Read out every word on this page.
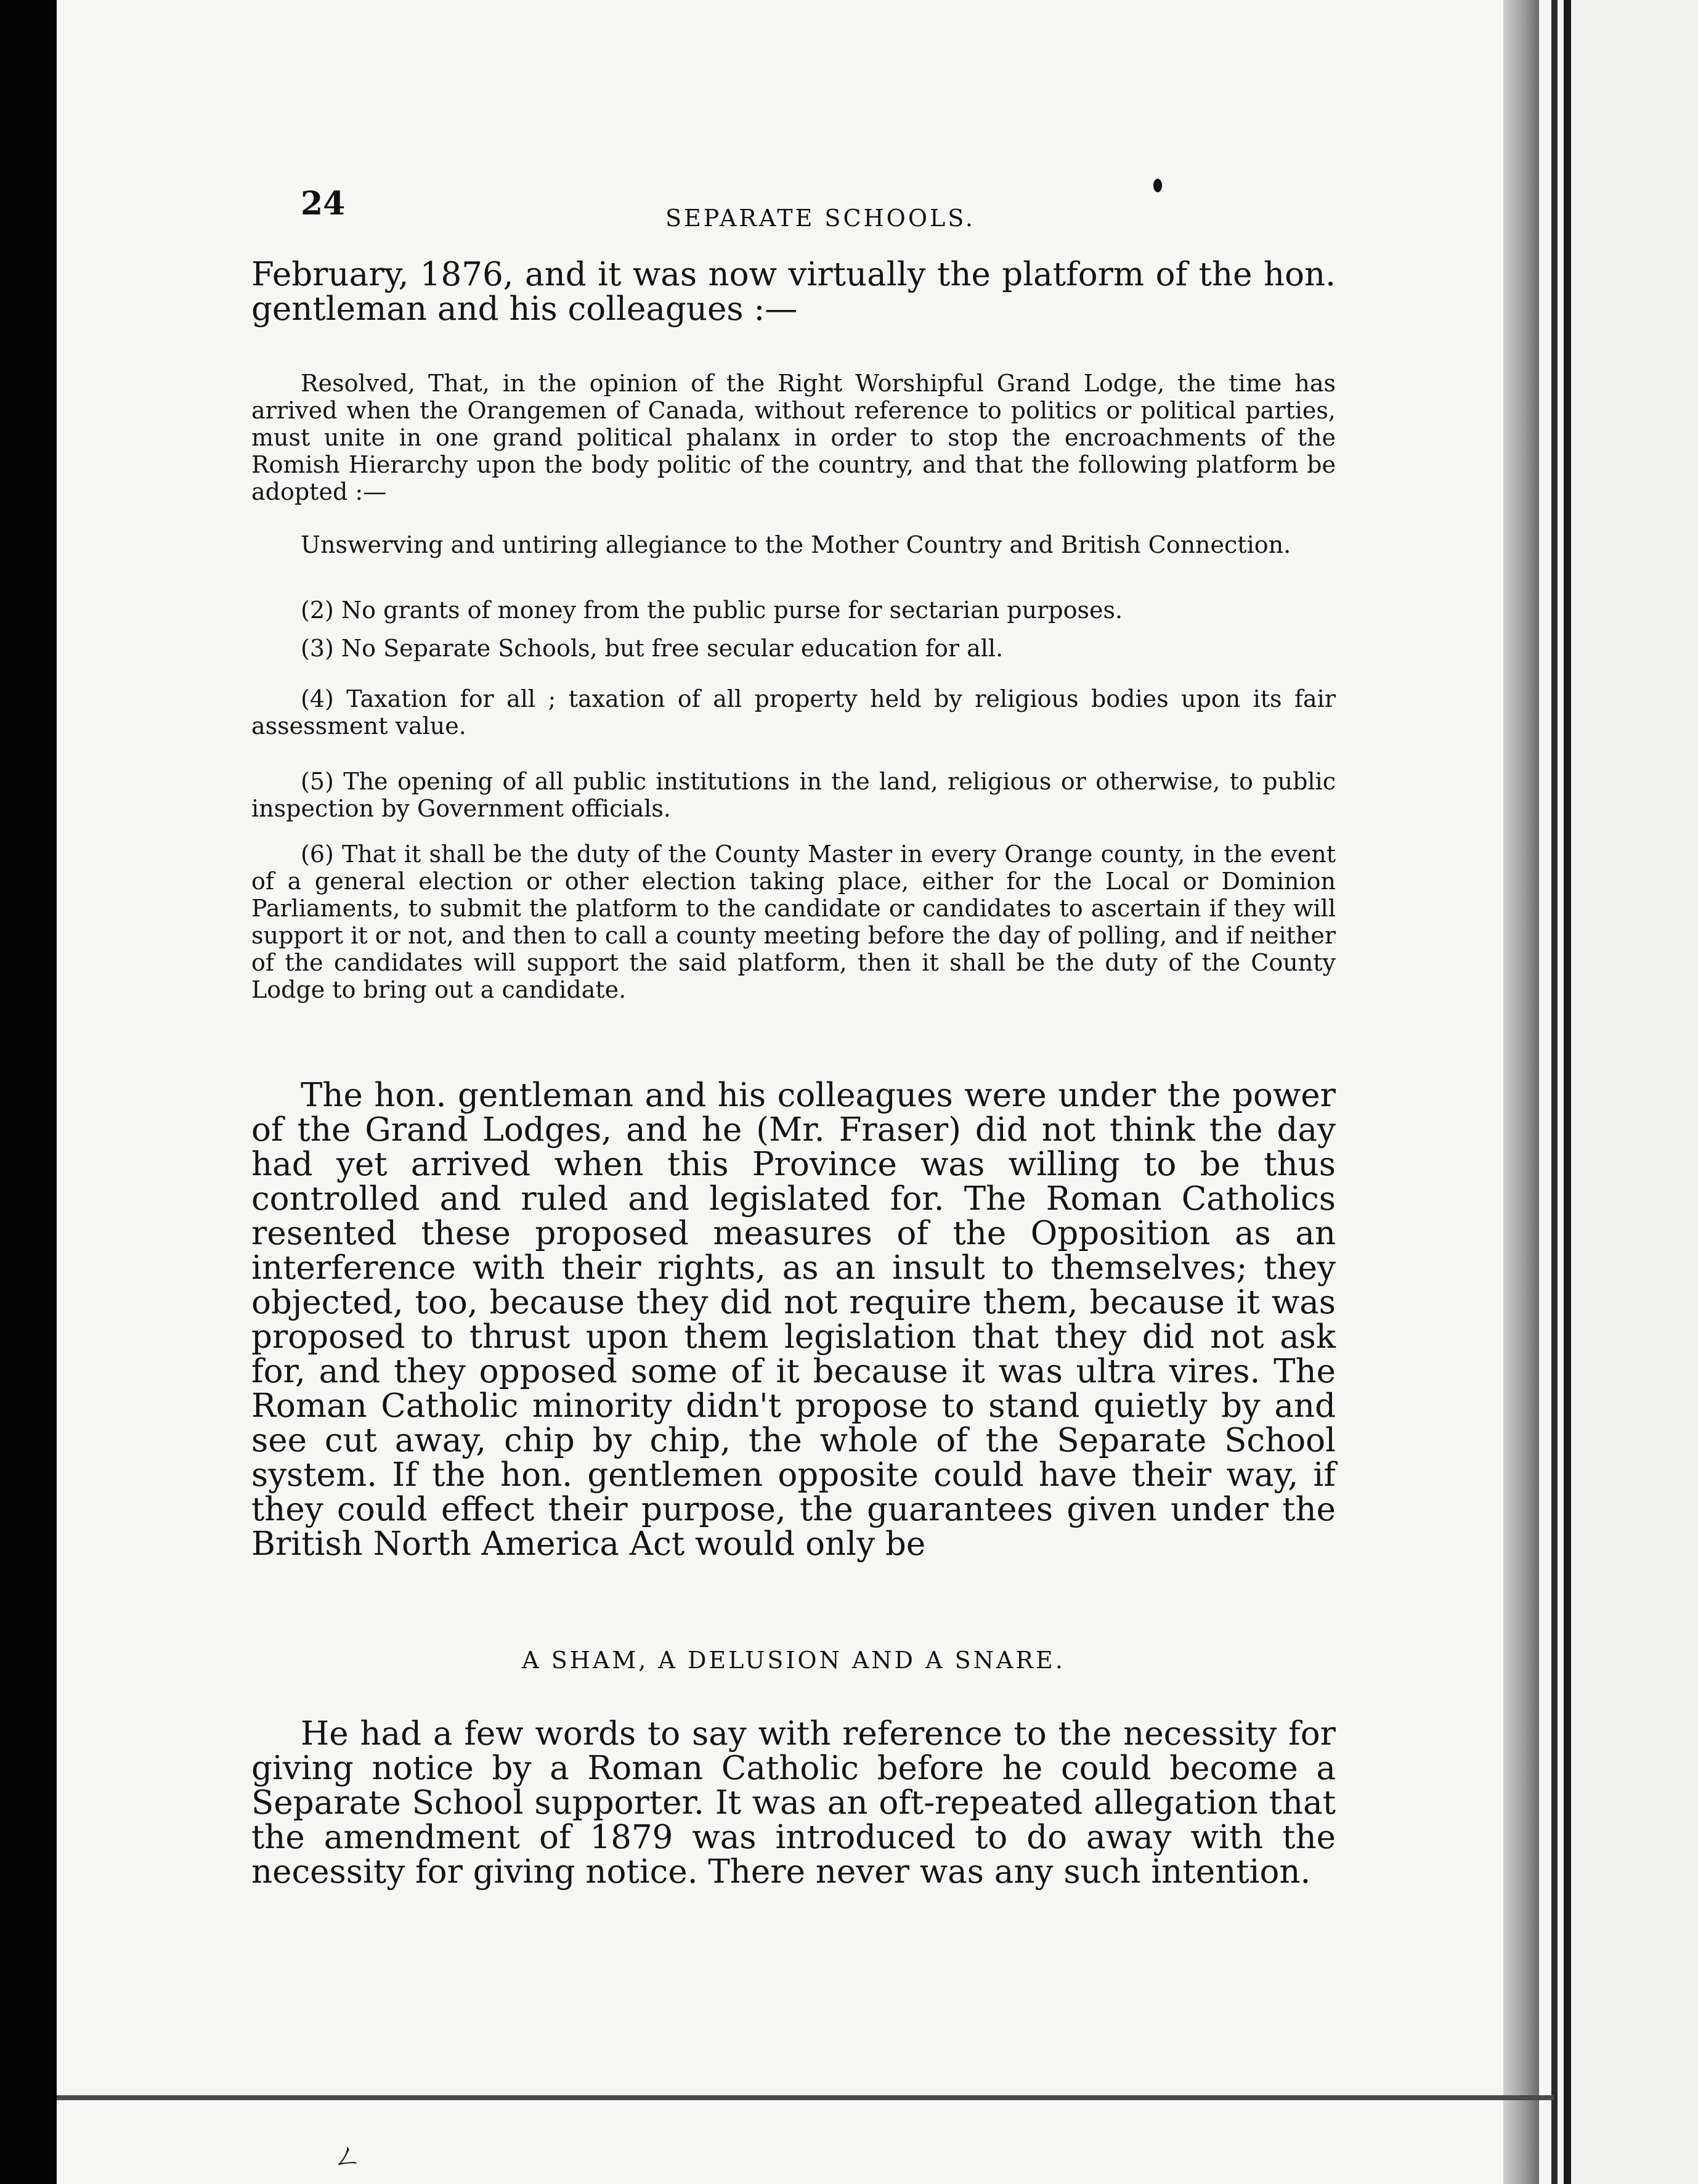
24	SEPARATE SCHOOLS.

February, 1876, and it was now virtually the platform of the hon. gentleman and his colleagues :—

Resolved, That, in the opinion of the Right Worshipful Grand Lodge, the time has arrived when the Orangemen of Canada, without reference to politics or political parties, must unite in one grand political phalanx in order to stop the encroachments of the Romish Hierarchy upon the body politic of the country, and that the following platform be adopted :—

Unswerving and untiring allegiance to the Mother Country and British Connection.

(2) No grants of money from the public purse for sectarian purposes.

(3) No Separate Schools, but free secular education for all.

(4) Taxation for all ; taxation of all property held by religious bodies upon its fair assessment value.

(5) The opening of all public institutions in the land, religious or otherwise, to public inspection by Government officials.

(6) That it shall be the duty of the County Master in every Orange county, in the event of a general election or other election taking place, either for the Local or Dominion Parliaments, to submit the platform to the candidate or candidates to ascertain if they will support it or not, and then to call a county meeting before the day of polling, and if neither of the candidates will support the said platform, then it shall be the duty of the County Lodge to bring out a candidate.

The hon. gentleman and his colleagues were under the power of the Grand Lodges, and he (Mr. Fraser) did not think the day had yet arrived when this Province was willing to be thus controlled and ruled and legislated for. The Roman Catholics resented these proposed measures of the Opposition as an interference with their rights, as an insult to themselves; they objected, too, because they did not require them, because it was proposed to thrust upon them legislation that they did not ask for, and they opposed some of it because it was ultra vires. The Roman Catholic minority didn't propose to stand quietly by and see cut away, chip by chip, the whole of the Separate School system. If the hon. gentlemen opposite could have their way, if they could effect their purpose, the guarantees given under the British North America Act would only be

A SHAM, A DELUSION AND A SNARE.

He had a few words to say with reference to the necessity for giving notice by a Roman Catholic before he could become a Separate School supporter. It was an oft-repeated allegation that the amendment of 1879 was introduced to do away with the necessity for giving notice. There never was any such intention.

ㄥ
